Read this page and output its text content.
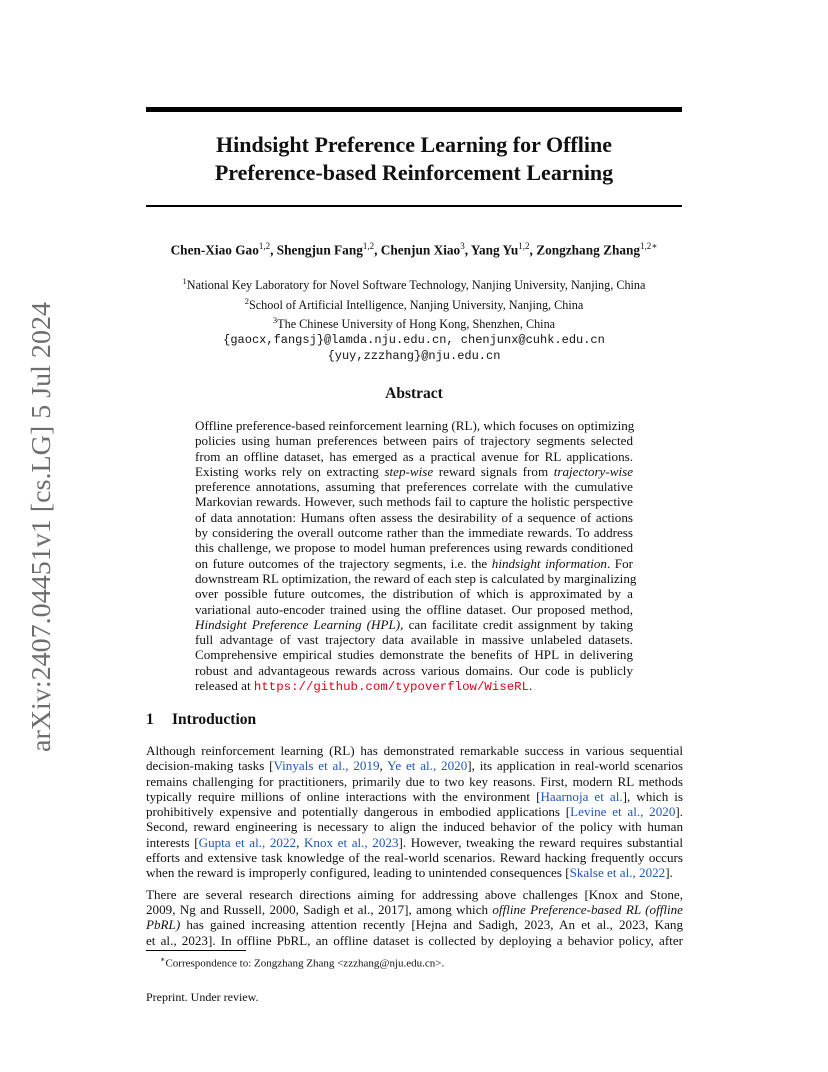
arXiv:2407.04451v1 [cs.LG] 5 Jul 2024
Hindsight Preference Learning for Offline
Preference-based Reinforcement Learning
Chen-Xiao Gao$^{1,2}$, Shengjun Fang$^{1,2}$, Chenjun Xiao$^3$, Yang Yu$^{1,2}$, Zongzhang Zhang$^{1,2∗}$
$^1$National Key Laboratory for Novel Software Technology, Nanjing University, Nanjing, China
$^2$School of Artificial Intelligence, Nanjing University, Nanjing, China
$^3$The Chinese University of Hong Kong, Shenzhen, China
{gaocx,fangsj}@lamda.nju.edu.cn, chenjunx@cuhk.edu.cn
{yuy,zzzhang}@nju.edu.cn
Abstract
Offline preference-based reinforcement learning (RL), which focuses on optimizing
policies using human preferences between pairs of trajectory segments selected
from an offline dataset, has emerged as a practical avenue for RL applications.
Existing works rely on extracting step-wise reward signals from trajectory-wise
preference annotations, assuming that preferences correlate with the cumulative
Markovian rewards. However, such methods fail to capture the holistic perspective
of data annotation: Humans often assess the desirability of a sequence of actions
by considering the overall outcome rather than the immediate rewards. To address
this challenge, we propose to model human preferences using rewards conditioned
on future outcomes of the trajectory segments, i.e. the hindsight information. For
downstream RL optimization, the reward of each step is calculated by marginalizing
over possible future outcomes, the distribution of which is approximated by a
variational auto-encoder trained using the offline dataset. Our proposed method,
Hindsight Preference Learning (HPL), can facilitate credit assignment by taking
full advantage of vast trajectory data available in massive unlabeled datasets.
Comprehensive empirical studies demonstrate the benefits of HPL in delivering
robust and advantageous rewards across various domains. Our code is publicly
released at https://github.com/typoverflow/WiseRL.
1 Introduction
Although reinforcement learning (RL) has demonstrated remarkable success in various sequential
decision-making tasks [Vinyals et al., 2019, Ye et al., 2020], its application in real-world scenarios
remains challenging for practitioners, primarily due to two key reasons. First, modern RL methods
typically require millions of online interactions with the environment [Haarnoja et al.], which is
prohibitively expensive and potentially dangerous in embodied applications [Levine et al., 2020].
Second, reward engineering is necessary to align the induced behavior of the policy with human
interests [Gupta et al., 2022, Knox et al., 2023]. However, tweaking the reward requires substantial
efforts and extensive task knowledge of the real-world scenarios. Reward hacking frequently occurs
when the reward is improperly configured, leading to unintended consequences [Skalse et al., 2022].
There are several research directions aiming for addressing above challenges [Knox and Stone,
2009, Ng and Russell, 2000, Sadigh et al., 2017], among which offline Preference-based RL (offline
PbRL) has gained increasing attention recently [Hejna and Sadigh, 2023, An et al., 2023, Kang
et al., 2023]. In offline PbRL, an offline dataset is collected by deploying a behavior policy, after
∗Correspondence to: Zongzhang Zhang <zzzhang@nju.edu.cn>.
Preprint. Under review.
